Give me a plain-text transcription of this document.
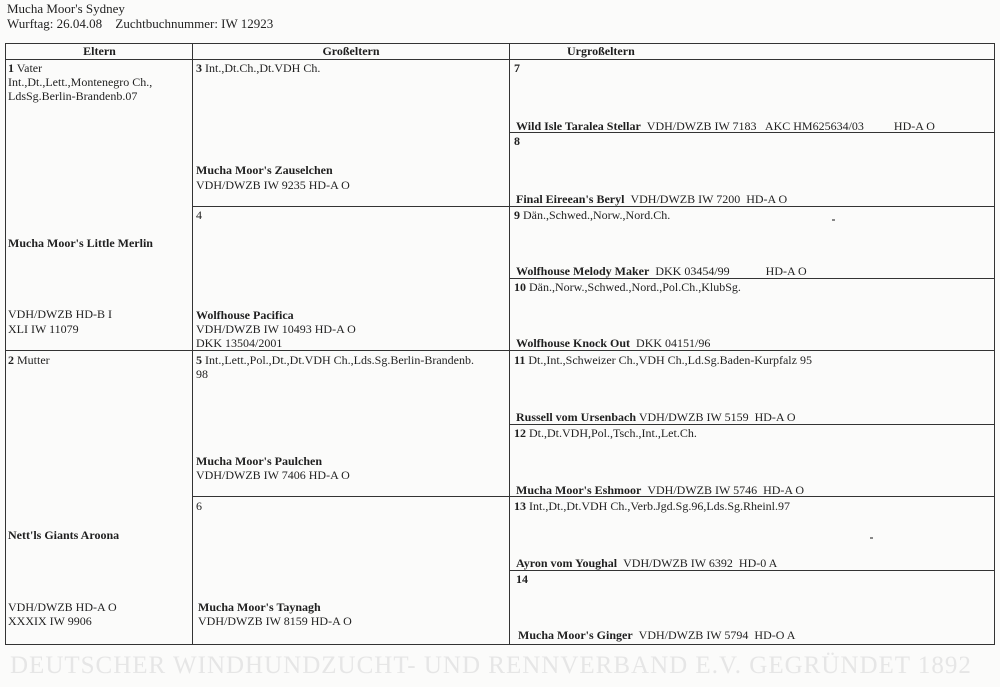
Mucha Moor's Sydney
Wurftag: 26.04.08 Zuchtbuchnummer: IW 12923
Eltern	Großeltern	Urgroßeltern
1 Vater
Int.,Dt.,Lett.,Montenegro Ch.,
LdsSg.Berlin-Brandenb.07
Mucha Moor's Little Merlin
VDH/DWZB HD-B I
XLI IW 11079
2 Mutter
Nett'ls Giants Aroona
VDH/DWZB HD-A O
XXXIX IW 9906
3 Int.,Dt.Ch.,Dt.VDH Ch.
Mucha Moor's Zauselchen
VDH/DWZB IW 9235 HD-A O
4
Wolfhouse Pacifica
VDH/DWZB IW 10493 HD-A O
DKK 13504/2001
5 Int.,Lett.,Pol.,Dt.,Dt.VDH Ch.,Lds.Sg.Berlin-Brandenb.
98
Mucha Moor's Paulchen
VDH/DWZB IW 7406 HD-A O
6
Mucha Moor's Taynagh
VDH/DWZB IW 8159 HD-A O
7
Wild Isle Taralea Stellar VDH/DWZB IW 7183   AKC HM625634/03          HD-A O
8
Final Eireean's Beryl VDH/DWZB IW 7200  HD-A O
9 Dän.,Schwed.,Norw.,Nord.Ch.
Wolfhouse Melody Maker DKK 03454/99            HD-A O
10 Dän.,Norw.,Schwed.,Nord.,Pol.Ch.,KlubSg.
Wolfhouse Knock Out DKK 04151/96
11 Dt.,Int.,Schweizer Ch.,VDH Ch.,Ld.Sg.Baden-Kurpfalz 95
Russell vom Ursenbach VDH/DWZB IW 5159  HD-A O
12 Dt.,Dt.VDH,Pol.,Tsch.,Int.,Let.Ch.
Mucha Moor's Eshmoor VDH/DWZB IW 5746  HD-A O
13 Int.,Dt.,Dt.VDH Ch.,Verb.Jgd.Sg.96,Lds.Sg.Rheinl.97
Ayron vom Youghal VDH/DWZB IW 6392  HD-0 A
14
Mucha Moor's Ginger VDH/DWZB IW 5794  HD-O A
DEUTSCHER WINDHUNDZUCHT- UND RENNVERBAND E.V. GEGRÜNDET 1892
